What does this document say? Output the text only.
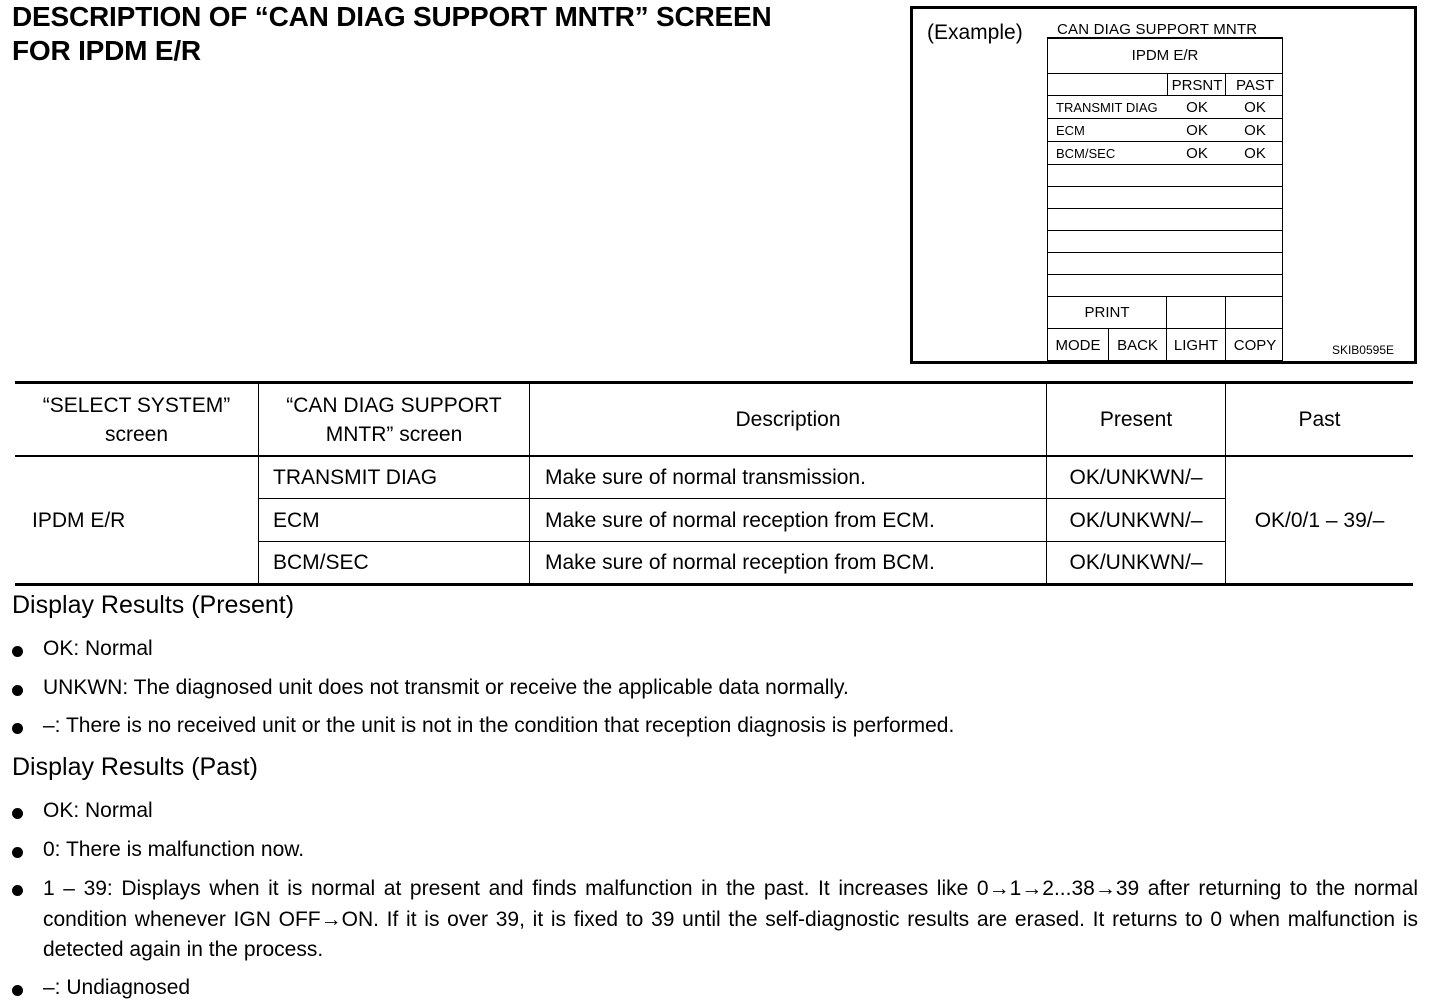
DESCRIPTION OF “CAN DIAG SUPPORT MNTR” SCREEN
FOR IPDM E/R
(Example) CAN DIAG SUPPORT MNTR
IPDM E/R
PRSNT PAST
TRANSMIT DIAG	OK	OK
ECM	OK	OK
BCM/SEC	OK	OK
PRINT
MODE	BACK	LIGHT	COPY	SKIB0595E
“SELECT SYSTEM”
screen
“CAN DIAG SUPPORT
MNTR” screen
Description	Present	Past
IPDM E/R	OK/0/1 – 39/–
TRANSMIT DIAG	Make sure of normal transmission.	OK/UNKWN/–
ECM	Make sure of normal reception from ECM.	OK/UNKWN/–
BCM/SEC	Make sure of normal reception from BCM.	OK/UNKWN/–
Display Results (Present)
OK: Normal
UNKWN: The diagnosed unit does not transmit or receive the applicable data normally.
–: There is no received unit or the unit is not in the condition that reception diagnosis is performed.
Display Results (Past)
OK: Normal
0: There is malfunction now.
1 – 39: Displays when it is normal at present and finds malfunction in the past. It increases like 0→1→2...38→39 after returning to the normal condition whenever IGN OFF→ON. If it is over 39, it is fixed to 39 until the self-diagnostic results are erased. It returns to 0 when malfunction is detected again in the process.
–: Undiagnosed
